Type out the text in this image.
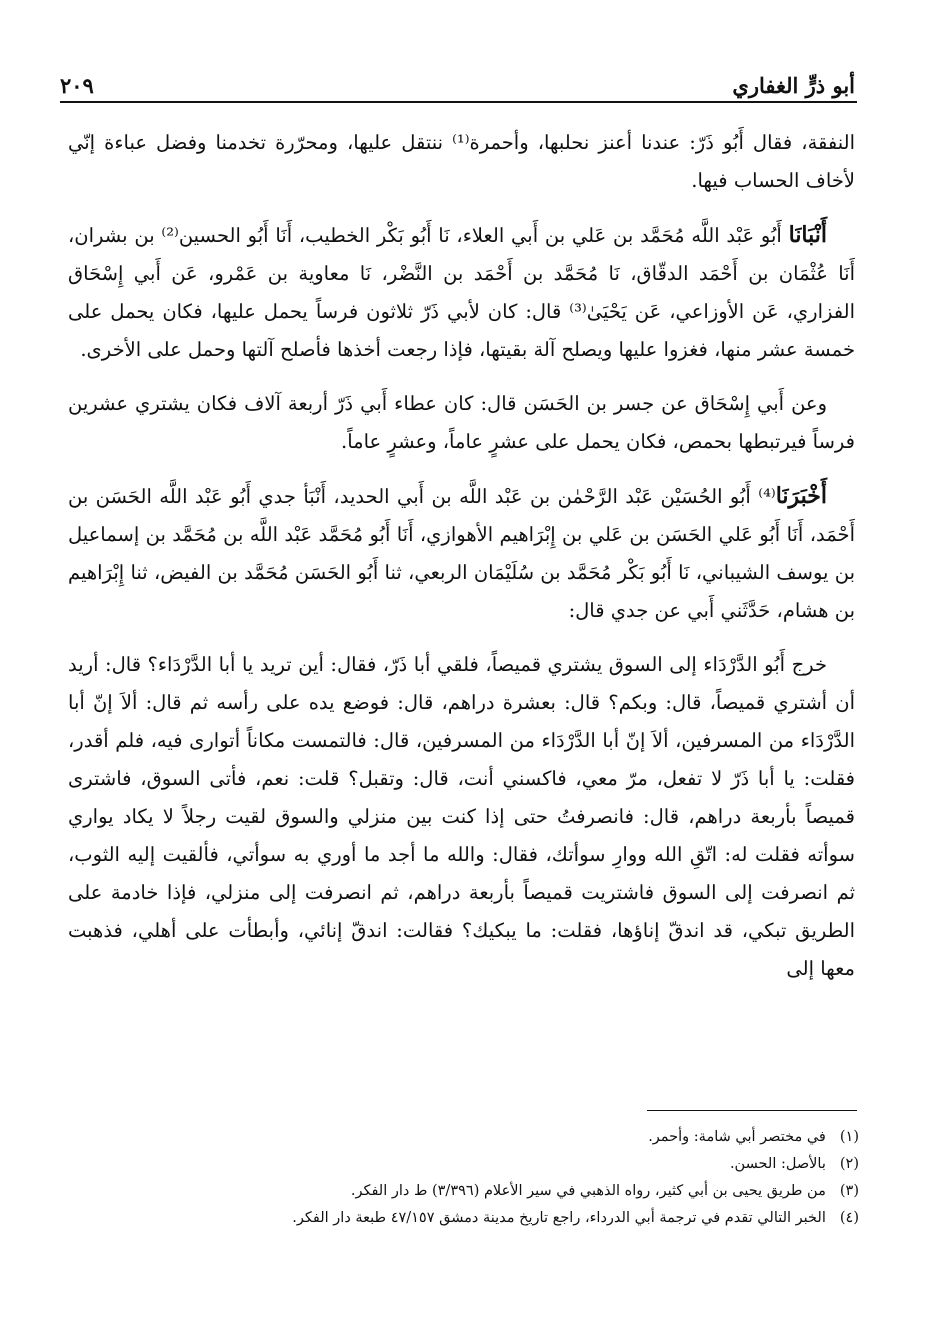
أبو ذرٍّ الغفاري
٢٠٩

النفقة، فقال أَبُو ذَرّ: عندنا أعنز نحلبها، وأحمرة⁽¹⁾ ننتقل عليها، ومحرّرة تخدمنا وفضل عباءة إنّي لأخاف الحساب فيها.

أَنْبَانَا أَبُو عَبْد اللَّه مُحَمَّد بن عَلي بن أَبي العلاء، نَا أَبُو بَكْر الخطيب، أَنَا أَبُو الحسين⁽²⁾ بن بشران، أَنَا عُثْمَان بن أَحْمَد الدقّاق، نَا مُحَمَّد بن أَحْمَد بن النَّضْر، نَا معاوية بن عَمْرو، عَن أَبي إِسْحَاق الفزاري، عَن الأوزاعي، عَن يَحْيَىٰ⁽³⁾ قال: كان لأبي ذَرّ ثلاثون فرساً يحمل عليها، فكان يحمل على خمسة عشر منها، فغزوا عليها ويصلح آلة بقيتها، فإذا رجعت أخذها فأصلح آلتها وحمل على الأخرى.

وعن أَبي إِسْحَاق عن جسر بن الحَسَن قال: كان عطاء أَبي ذَرّ أربعة آلاف فكان يشتري عشرين فرساً فيرتبطها بحمص، فكان يحمل على عشرٍ عاماً، وعشرٍ عاماً.

أَخْبَرَنَا⁽⁴⁾ أَبُو الحُسَيْن عَبْد الرَّحْمٰن بن عَبْد اللَّه بن أَبي الحديد، أَنْبَأ جدي أَبُو عَبْد اللَّه الحَسَن بن أَحْمَد، أَنَا أَبُو عَلي الحَسَن بن عَلي بن إِبْرَاهيم الأهوازي، أَنَا أَبُو مُحَمَّد عَبْد اللَّه بن مُحَمَّد بن إسماعيل بن يوسف الشيباني، نَا أَبُو بَكْر مُحَمَّد بن سُلَيْمَان الربعي، ثنا أَبُو الحَسَن مُحَمَّد بن الفيض، ثنا إِبْرَاهيم بن هشام، حَدَّثَني أَبي عن جدي قال:

خرج أَبُو الدَّرْدَاء إلى السوق يشتري قميصاً، فلقي أبا ذَرّ، فقال: أين تريد يا أبا الدَّرْدَاء؟ قال: أريد أن أشتري قميصاً، قال: وبكم؟ قال: بعشرة دراهم، قال: فوضع يده على رأسه ثم قال: ألاَ إنّ أبا الدَّرْدَاء من المسرفين، ألاَ إنّ أبا الدَّرْدَاء من المسرفين، قال: فالتمست مكاناً أتوارى فيه، فلم أقدر، فقلت: يا أبا ذَرّ لا تفعل، مرّ معي، فاكسني أنت، قال: وتقبل؟ قلت: نعم، فأتى السوق، فاشترى قميصاً بأربعة دراهم، قال: فانصرفتُ حتى إذا كنت بين منزلي والسوق لقيت رجلاً لا يكاد يواري سوأته فقلت له: اتّقِ الله ووارِ سوأتك، فقال: والله ما أجد ما أوري به سوأتي، فألقيت إليه الثوب، ثم انصرفت إلى السوق فاشتريت قميصاً بأربعة دراهم، ثم انصرفت إلى منزلي، فإذا خادمة على الطريق تبكي، قد اندقّ إناؤها، فقلت: ما يبكيك؟ فقالت: اندقّ إنائي، وأبطأت على أهلي، فذهبت معها إلى

(١)
في مختصر أبي شامة: وأحمر.
(٢)
بالأصل: الحسن.
(٣)
من طريق يحيى بن أبي كثير، رواه الذهبي في سير الأعلام (٣/٣٩٦) ط دار الفكر.
(٤)
الخبر التالي تقدم في ترجمة أبي الدرداء، راجع تاريخ مدينة دمشق ٤٧/١٥٧ طبعة دار الفكر.
